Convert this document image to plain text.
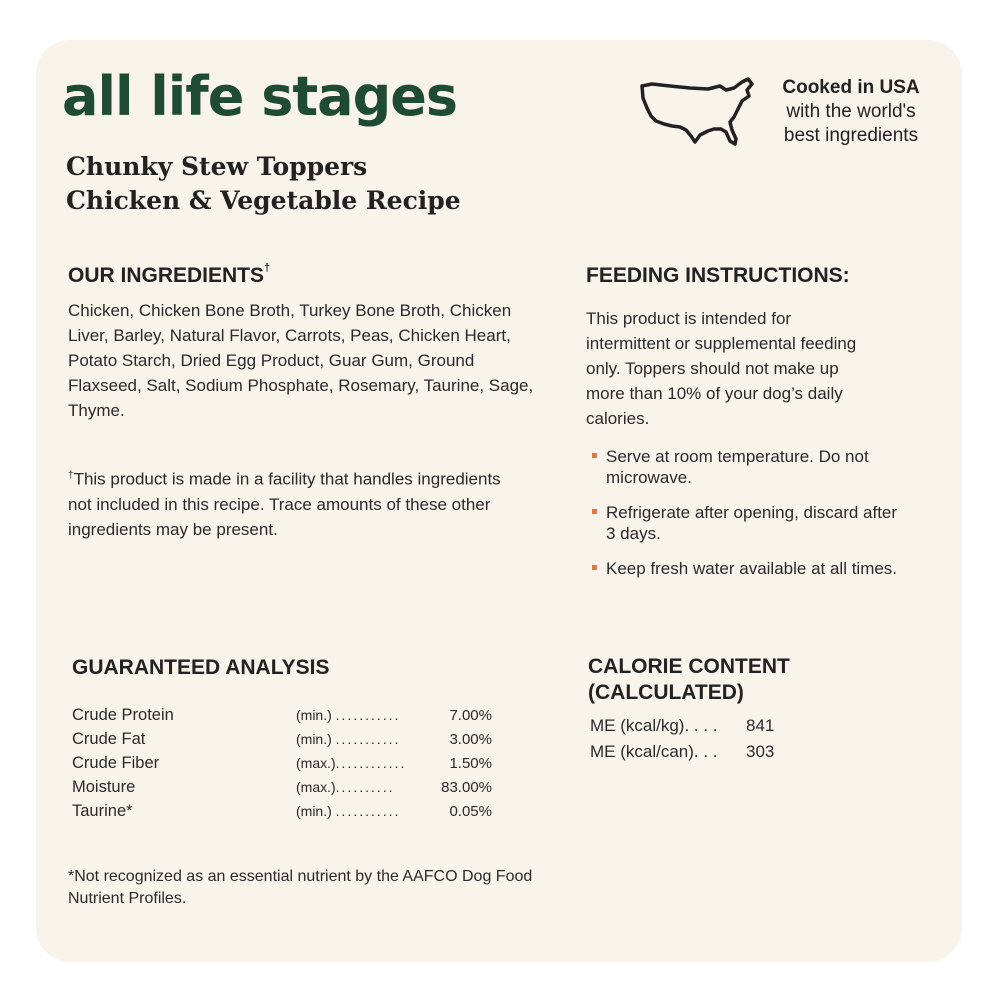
all life stages
Chunky Stew Toppers
Chicken & Vegetable Recipe
Cooked in USA
with the world's
best ingredients
OUR INGREDIENTS†

Chicken, Chicken Bone Broth, Turkey Bone Broth, Chicken Liver, Barley, Natural Flavor, Carrots, Peas, Chicken Heart, Potato Starch, Dried Egg Product, Guar Gum, Ground Flaxseed, Salt, Sodium Phosphate, Rosemary, Taurine, Sage, Thyme.

†This product is made in a facility that handles ingredients not included in this recipe. Trace amounts of these other ingredients may be present.

FEEDING INSTRUCTIONS:

This product is intended for intermittent or supplemental feeding only. Toppers should not make up more than 10% of your dog’s daily calories.

Serve at room temperature. Do not microwave.
Refrigerate after opening, discard after 3 days.
Keep fresh water available at all times.
GUARANTEED ANALYSIS
Crude Protein	(min.) ...........	7.00%
Crude Fat	(min.) ...........	3.00%
Crude Fiber	(max.)............	1.50%
Moisture	(max.)..........	83.00%
Taurine*	(min.) ...........	0.05%

*Not recognized as an essential nutrient by the AAFCO Dog Food Nutrient Profiles.

CALORIE CONTENT
(CALCULATED)
ME (kcal/kg). . . . 841
ME (kcal/can). . . 303
